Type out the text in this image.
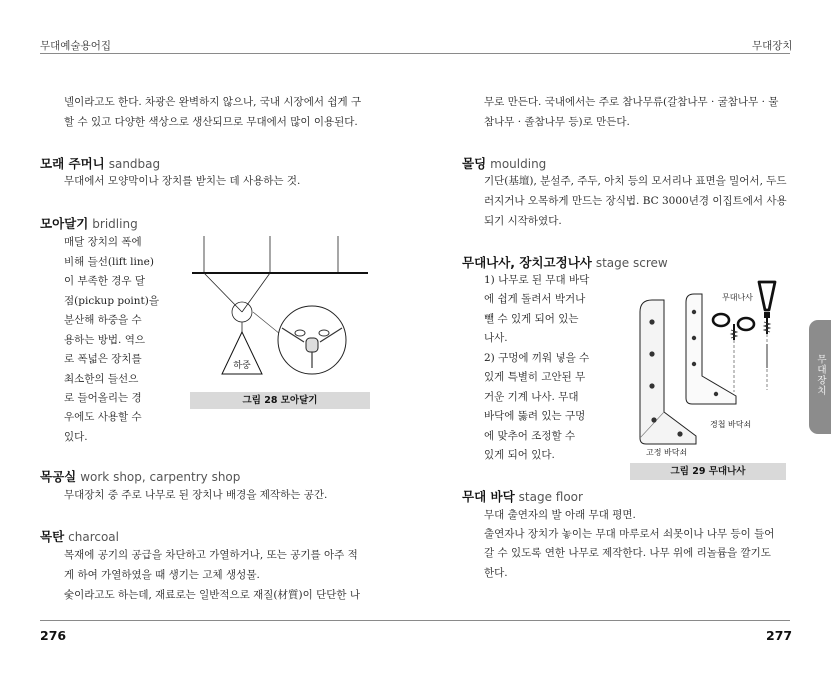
무대예술용어집	무대장치
넬이라고도 한다. 차광은 완벽하지 않으나, 국내 시장에서 쉽게 구
할 수 있고 다양한 색상으로 생산되므로 무대에서 많이 이용된다.
모래 주머니 sandbag
무대에서 모양막이나 장치를 받치는 데 사용하는 것.
모아달기 bridling
매달 장치의 폭에
비해 들선(lift line)
이 부족한 경우 달
점(pickup point)을
분산해 하중을 수
용하는 방법. 역으
로 폭넓은 장치를
최소한의 들선으
로 들어올리는 경
우에도 사용할 수
있다.
하중
그림 28 모아달기
목공실 work shop, carpentry shop
무대장치 중 주로 나무로 된 장치나 배경을 제작하는 공간.
목탄 charcoal
목재에 공기의 공급을 차단하고 가열하거나, 또는 공기를 아주 적
게 하여 가열하였을 때 생기는 고체 생성물.
숯이라고도 하는데, 재료로는 일반적으로 재질(材質)이 단단한 나
무로 만든다. 국내에서는 주로 참나무류(갈참나무 · 굴참나무 · 물
참나무 · 졸참나무 등)로 만든다.
몰딩 moulding
기단(基壇), 분설주, 주두, 아치 등의 모서리나 표면을 밀어서, 두드
러지거나 오목하게 만드는 장식법. BC 3000년경 이집트에서 사용
되기 시작하였다.
무대나사, 장치고정나사 stage screw
1) 나무로 된 무대 바닥
에 쉽게 돌려서 박거나
뺄 수 있게 되어 있는
나사.
2) 구멍에 끼워 넣을 수
있게 특별히 고안된 무
거운 기계 나사. 무대
바닥에 뚫려 있는 구멍
에 맞추어 조정할 수
있게 되어 있다.
무대나사
경첩 바닥쇠
고정 바닥쇠
그림 29 무대나사
무대 바닥 stage floor
무대 출연자의 발 아래 무대 평면.
출연자나 장치가 놓이는 무대 마루로서 쇠못이나 나무 등이 들어
갈 수 있도록 연한 나무로 제작한다. 나무 위에 리놀륨을 깔기도
한다.
무대장치
276	277
